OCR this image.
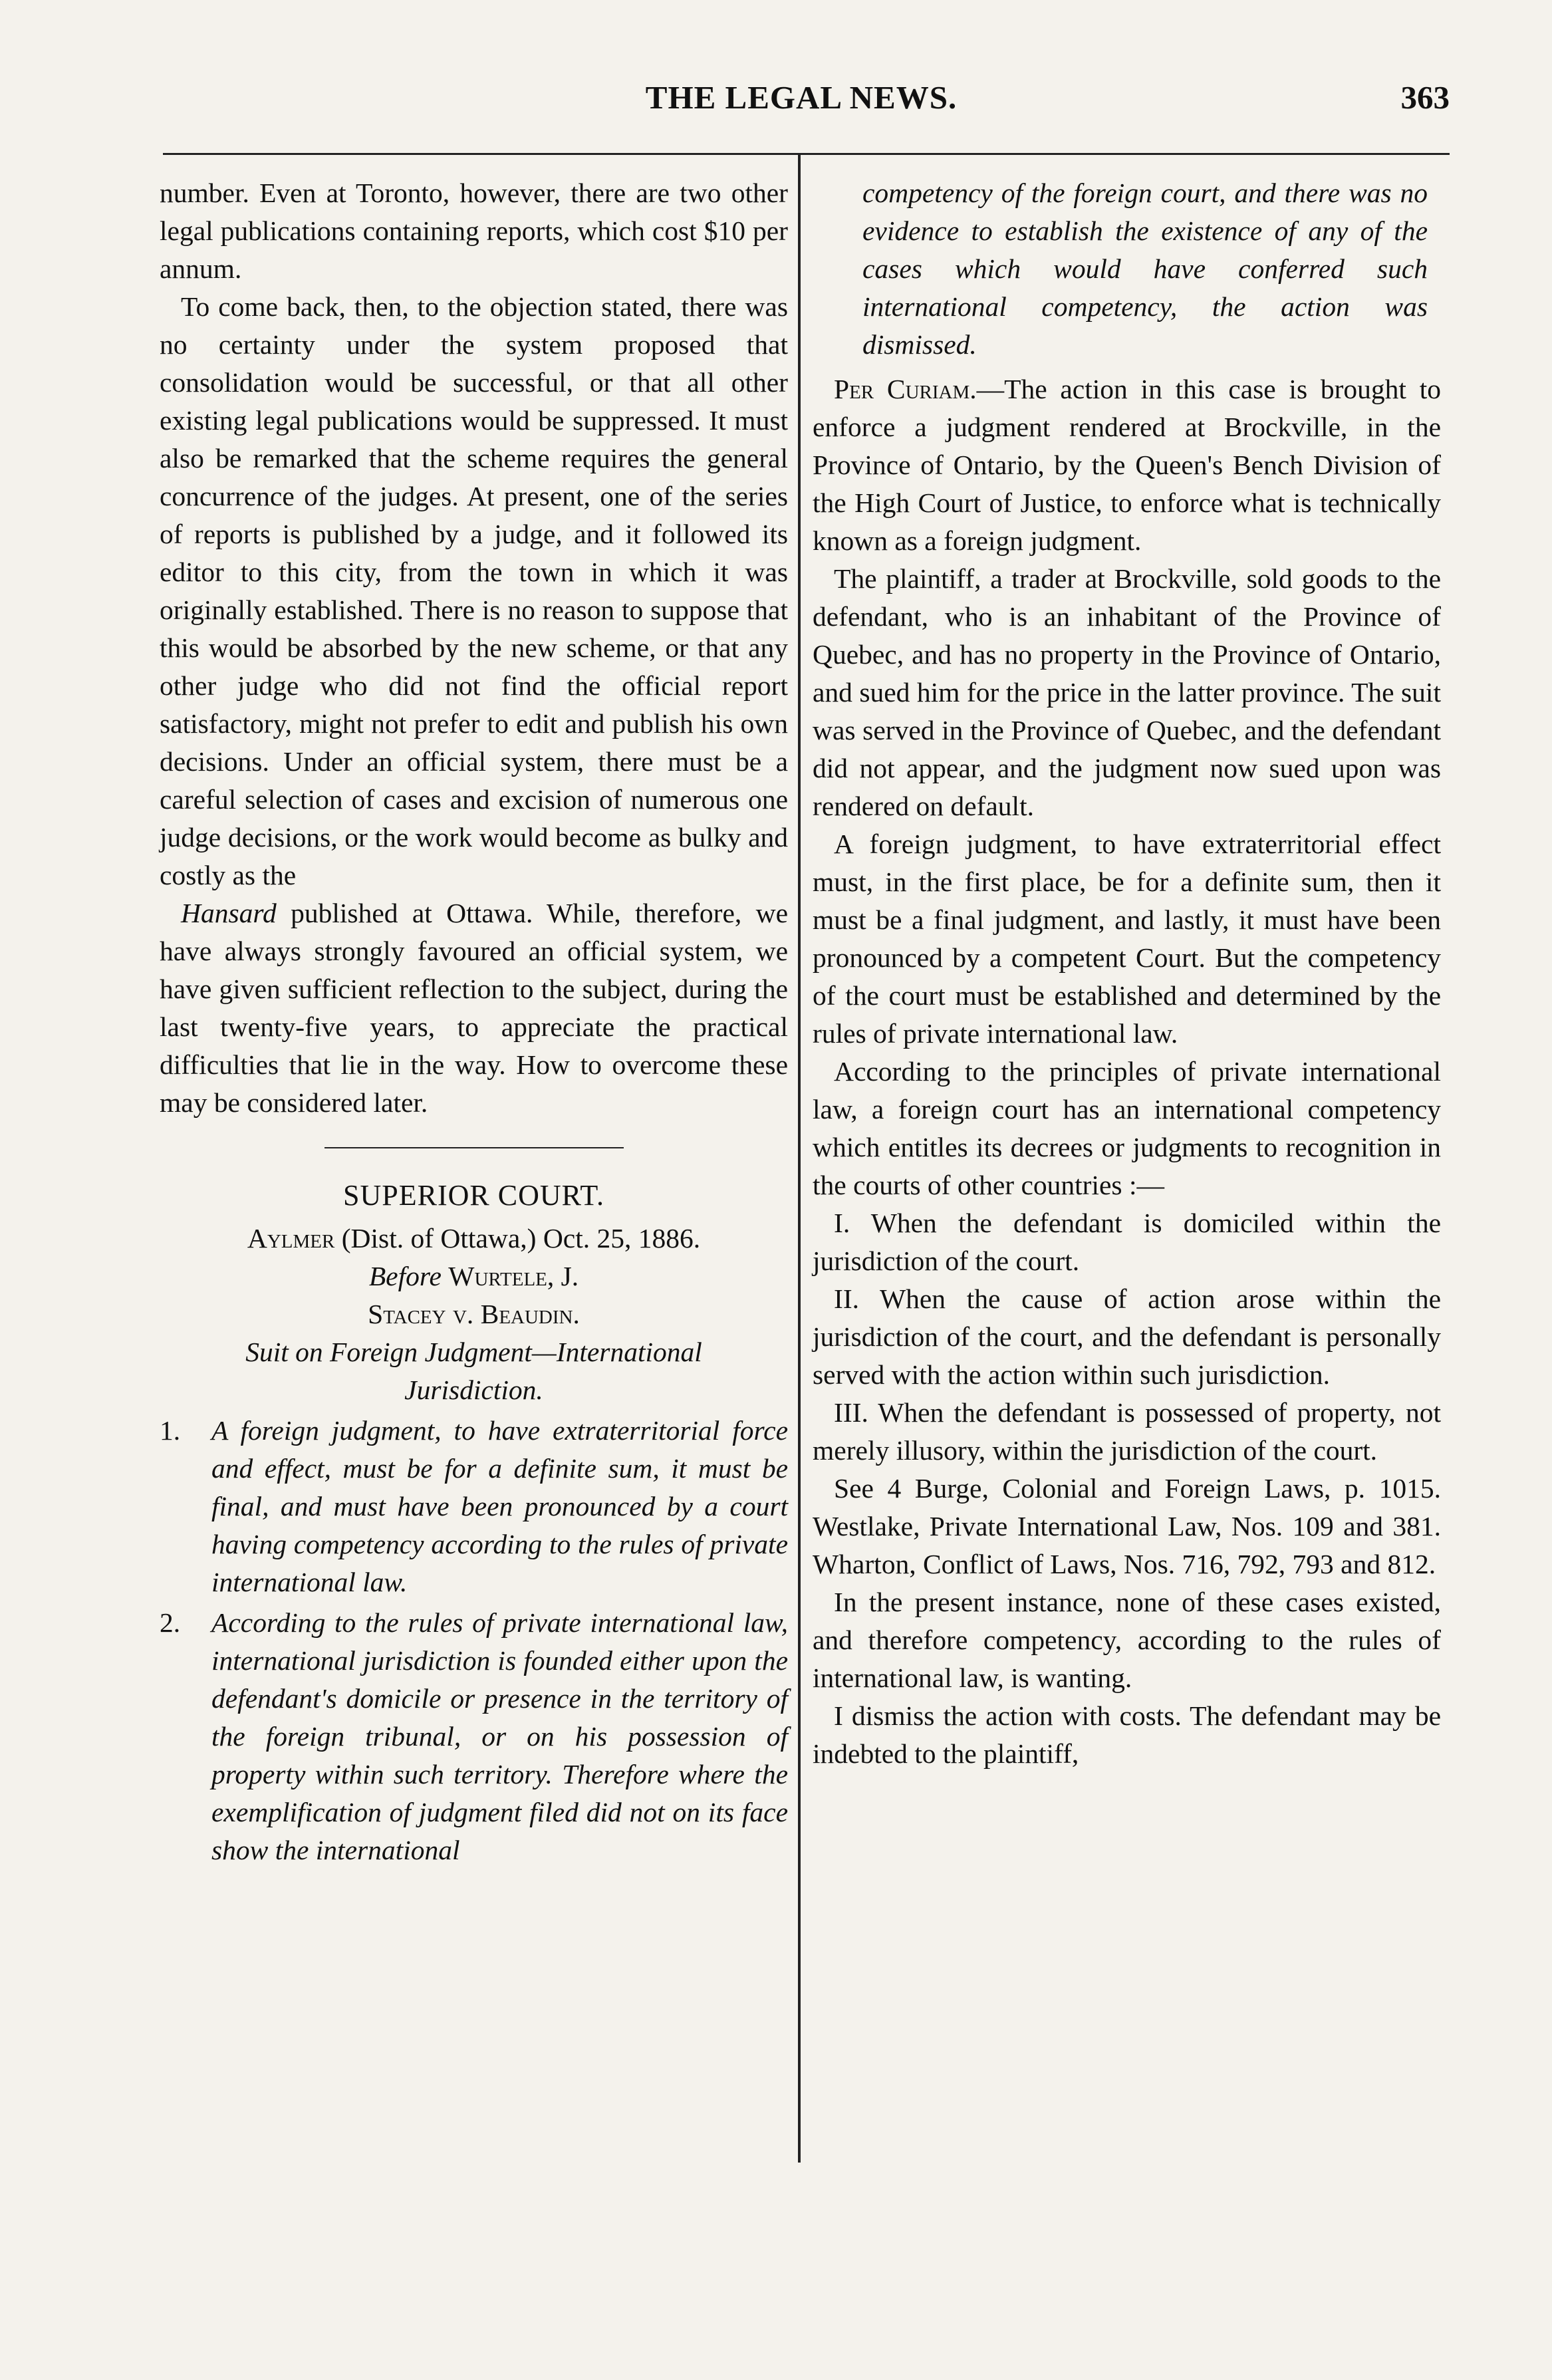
THE LEGAL NEWS.	363

number. Even at Toronto, however, there are two other legal publications containing reports, which cost $10 per annum.

To come back, then, to the objection stated, there was no certainty under the system proposed that consolidation would be successful, or that all other existing legal publications would be suppressed. It must also be remarked that the scheme requires the general concurrence of the judges. At present, one of the series of reports is published by a judge, and it followed its editor to this city, from the town in which it was originally established. There is no reason to suppose that this would be absorbed by the new scheme, or that any other judge who did not find the official report satisfactory, might not prefer to edit and publish his own decisions. Under an official system, there must be a careful selection of cases and excision of numerous one judge decisions, or the work would become as bulky and costly as the

Hansard published at Ottawa. While, therefore, we have always strongly favoured an official system, we have given sufficient reflection to the subject, during the last twenty-five years, to appreciate the practical difficulties that lie in the way. How to overcome these may be considered later.

SUPERIOR COURT.
Aylmer (Dist. of Ottawa,) Oct. 25, 1886.
Before Wurtele, J.
Stacey v. Beaudin.
Suit on Foreign Judgment—International Jurisdiction.
1.	A foreign judgment, to have extraterritorial force and effect, must be for a definite sum, it must be final, and must have been pronounced by a court having competency according to the rules of private international law.
2.	According to the rules of private international law, international jurisdiction is founded either upon the defendant's domicile or presence in the territory of the foreign tribunal, or on his possession of property within such territory. Therefore where the exemplification of judgment filed did not on its face show the international
competency of the foreign court, and there was no evidence to establish the existence of any of the cases which would have conferred such international competency, the action was dismissed.

Per Curiam.—The action in this case is brought to enforce a judgment rendered at Brockville, in the Province of Ontario, by the Queen's Bench Division of the High Court of Justice, to enforce what is technically known as a foreign judgment.

The plaintiff, a trader at Brockville, sold goods to the defendant, who is an inhabitant of the Province of Quebec, and has no property in the Province of Ontario, and sued him for the price in the latter province. The suit was served in the Province of Quebec, and the defendant did not appear, and the judgment now sued upon was rendered on default.

A foreign judgment, to have extraterritorial effect must, in the first place, be for a definite sum, then it must be a final judgment, and lastly, it must have been pronounced by a competent Court. But the competency of the court must be established and determined by the rules of private international law.

According to the principles of private international law, a foreign court has an international competency which entitles its decrees or judgments to recognition in the courts of other countries :—

I. When the defendant is domiciled within the jurisdiction of the court.

II. When the cause of action arose within the jurisdiction of the court, and the defendant is personally served with the action within such jurisdiction.

III. When the defendant is possessed of property, not merely illusory, within the jurisdiction of the court.

See 4 Burge, Colonial and Foreign Laws, p. 1015. Westlake, Private International Law, Nos. 109 and 381. Wharton, Conflict of Laws, Nos. 716, 792, 793 and 812.

In the present instance, none of these cases existed, and therefore competency, according to the rules of international law, is wanting.

I dismiss the action with costs. The defendant may be indebted to the plaintiff,
